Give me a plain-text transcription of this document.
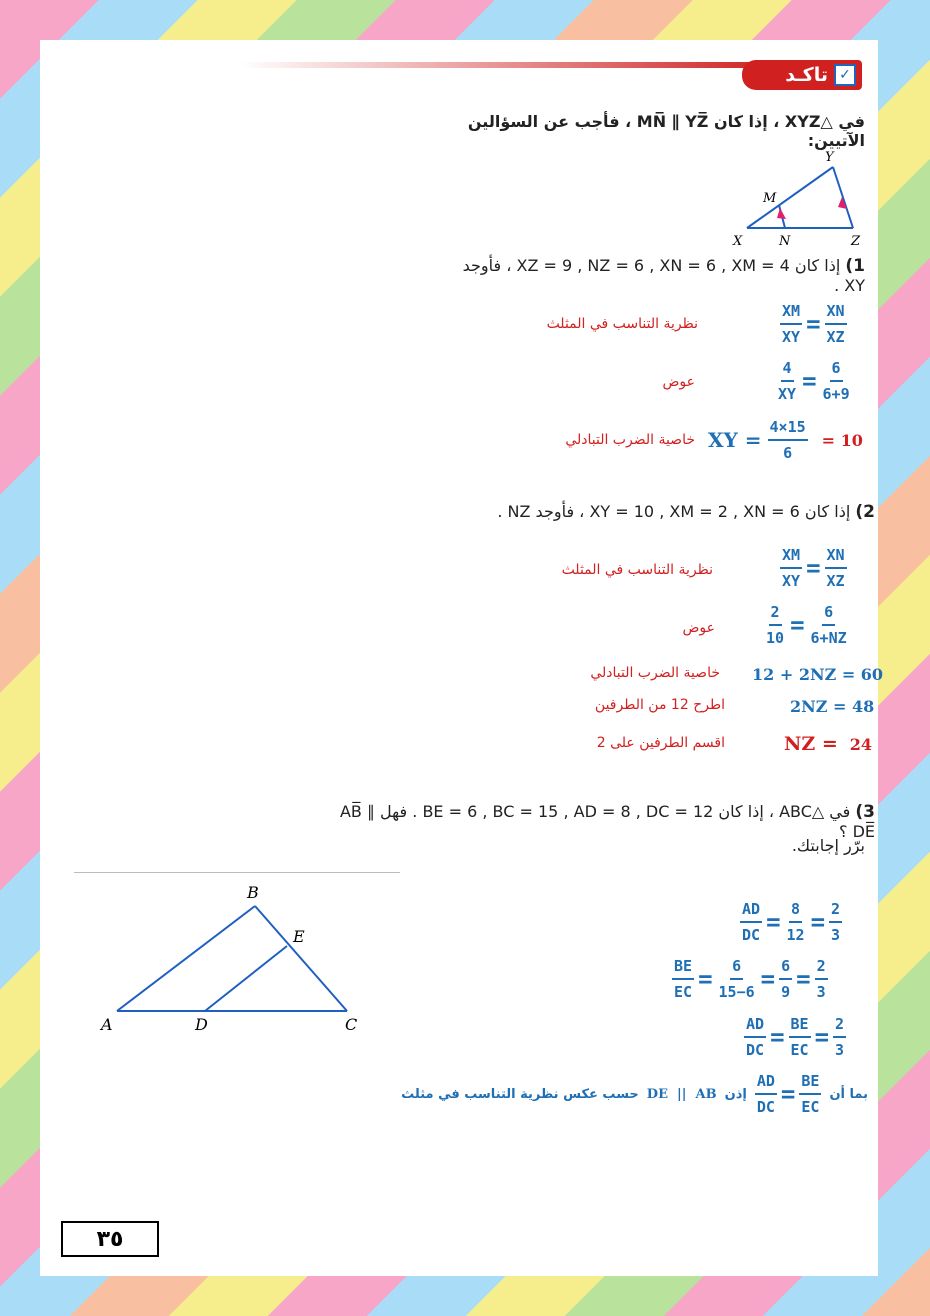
تاكـد ✓
في △XYZ ، إذا كان MN̅ ∥ YZ̅ ، فأجب عن السؤالين الآتيين:
Y
M
X	N	Z
1) إذا كان XZ = 9 , NZ = 6 , XN = 6 , XM = 4 ، فأوجد XY .
$\frac{XM}{XY} = \frac{XN}{XZ}$
نظرية التناسب في المثلث
$\frac{4}{XY} = \frac{6}{6+9}$
عوض
XY = $\frac{4\times 15}{6} = 10$
خاصية الضرب التبادلي
2) إذا كان XY = 10 , XM = 2 , XN = 6 ، فأوجد NZ .
$\frac{XM}{XY} = \frac{XN}{XZ}$
نظرية التناسب في المثلث
$\frac{2}{10} = \frac{6}{6+NZ}$
عوض
12 + 2NZ = 60
خاصية الضرب التبادلي
2NZ = 48
اطرح 12 من الطرفين
NZ = 24
اقسم الطرفين على 2
3) في △ABC ، إذا كان BE = 6 , BC = 15 , AD = 8 , DC = 12 . فهل AB̅ ∥ DE̅ ؟
برّر إجابتك.
B
E
A	D	C
$\frac{AD}{DC} = \frac{8}{12} = \frac{2}{3}$
$\frac{BE}{EC} = \frac{6}{15-6} = \frac{6}{9} = \frac{2}{3}$
$\frac{AD}{DC} = \frac{BE}{EC} = \frac{2}{3}$
بما أن
$\frac{AD}{DC} = \frac{BE}{EC}$
إذن
DE  ||  AB
حسب عكس نظرية التناسب في مثلث
٣٥
